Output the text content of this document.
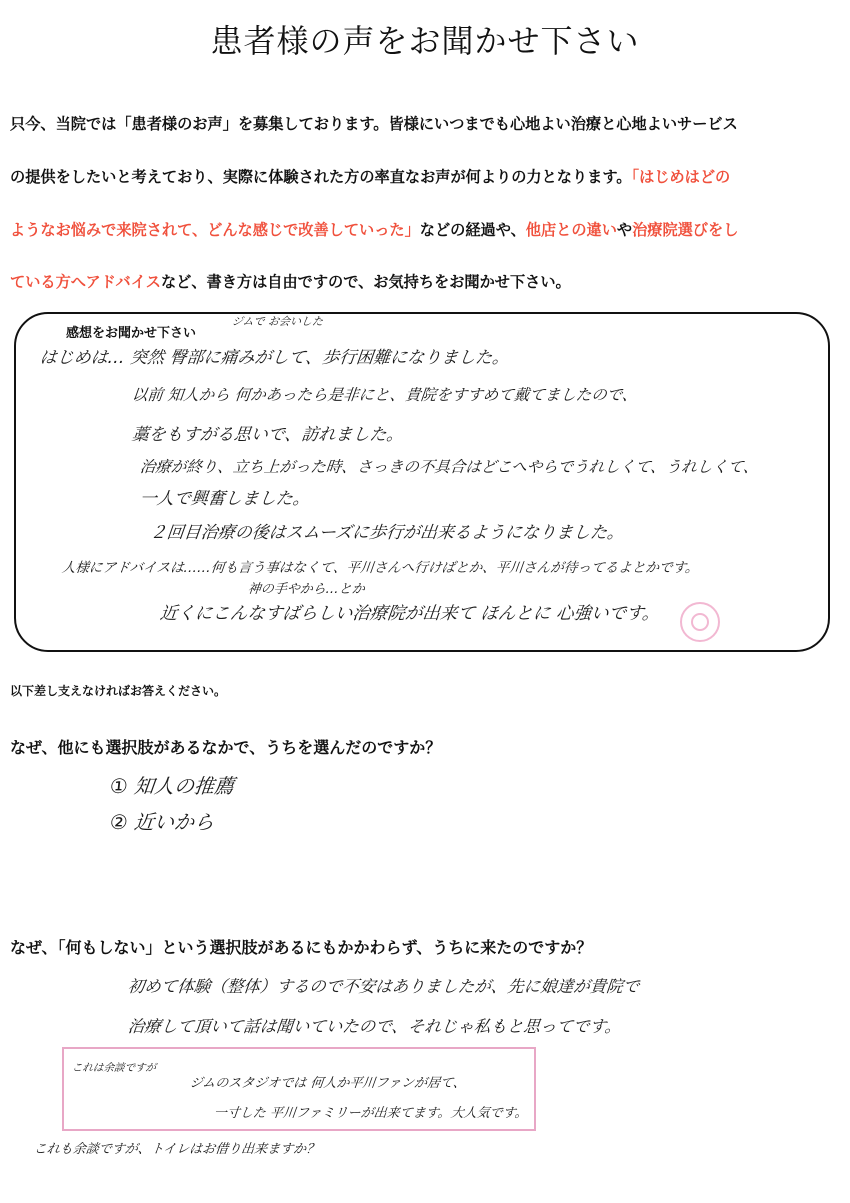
患者様の声をお聞かせ下さい
只今、当院では「患者様のお声」を募集しております。皆様にいつまでも心地よい治療と心地よいサービス
の提供をしたいと考えており、実際に体験された方の率直なお声が何よりの力となります。「はじめはどの
ようなお悩みで来院されて、どんな感じで改善していった」などの経過や、他店との違いや治療院選びをし
ている方へアドバイスなど、書き方は自由ですので、お気持ちをお聞かせ下さい。
感想をお聞かせ下さい
ジムで お会いした
はじめは… 突然 臀部に痛みがして、歩行困難になりました。
以前 知人から 何かあったら是非にと、貴院をすすめて戴てましたので、
藁をもすがる思いで、訪れました。
治療が終り、立ち上がった時、さっきの不具合はどこへやらでうれしくて、うれしくて、
一人で興奮しました。
２回目治療の後はスムーズに歩行が出来るようになりました。
人様にアドバイスは……何も言う事はなくて、平川さんへ行けばとか、平川さんが待ってるよとかです。
神の手やから…とか
近くにこんなすばらしい治療院が出来て ほんとに 心強いです。
以下差し支えなければお答えください。
なぜ、他にも選択肢があるなかで、うちを選んだのですか？
① 知人の推薦
② 近いから
なぜ、「何もしない」という選択肢があるにもかかわらず、うちに来たのですか？
初めて体験（整体）するので不安はありましたが、先に娘達が貴院で
治療して頂いて話は聞いていたので、それじゃ私もと思ってです。
これは余談ですが
ジムのスタジオでは 何人か平川ファンが居て、
一寸した 平川ファミリーが出来てます。大人気です。
これも余談ですが、トイレはお借り出来ますか？
